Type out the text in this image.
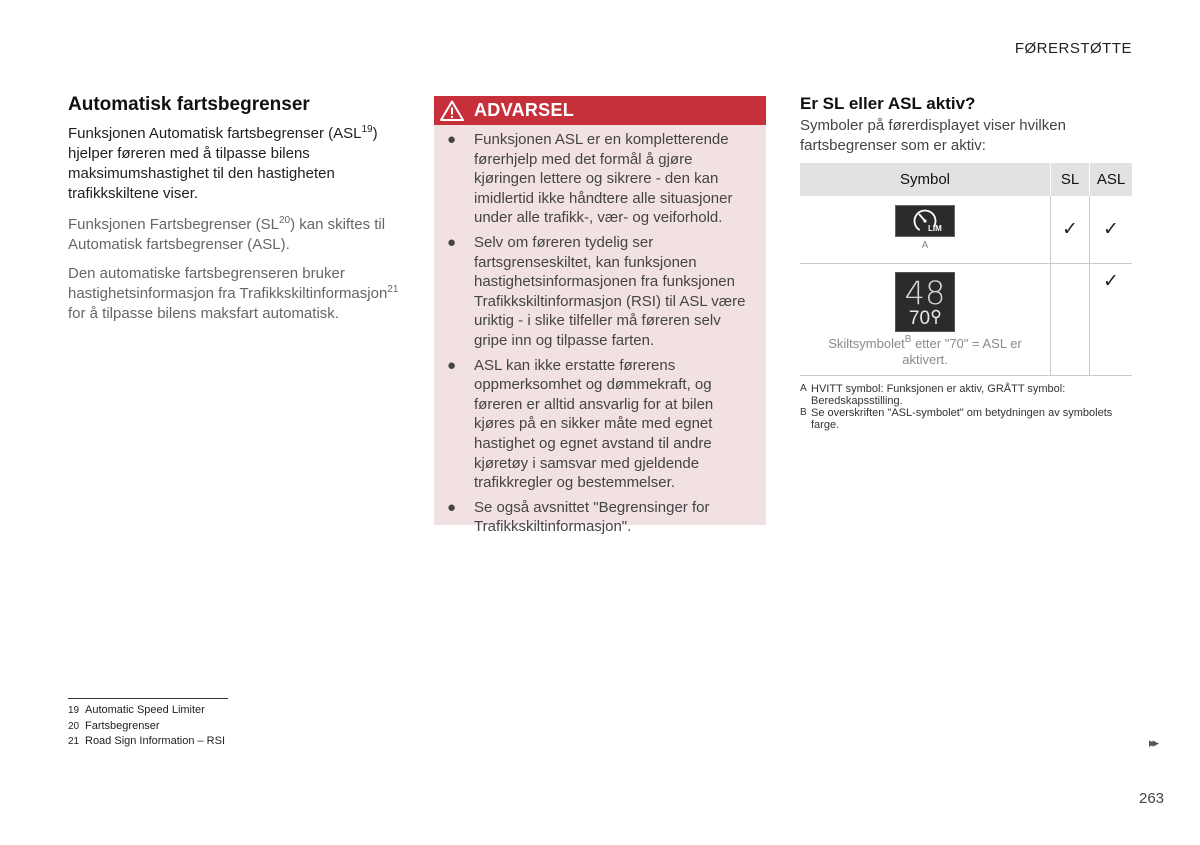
FØRERSTØTTE
Automatisk fartsbegrenser

Funksjonen Automatisk fartsbegrenser (ASL$^{19}$) hjelper føreren med å tilpasse bilens maksimumshastighet til den hastigheten trafikkskiltene viser.

Funksjonen Fartsbegrenser (SL$^{20}$) kan skiftes til Automatisk fartsbegrenser (ASL).

Den automatiske fartsbegrenseren bruker hastighetsinformasjon fra Trafikkskiltinformasjon$^{21}$ for å tilpasse bilens maksfart automatisk.

ADVARSEL
● Funksjonen ASL er en kompletterende førerhjelp med det formål å gjøre kjøringen lettere og sikrere - den kan imidlertid ikke håndtere alle situasjoner under alle trafikk-, vær- og veiforhold.
● Selv om føreren tydelig ser fartsgrenseskiltet, kan funksjonen hastighetsinformasjonen fra funksjonen Trafikkskiltinformasjon (RSI) til ASL være uriktig - i slike tilfeller må føreren selv gripe inn og tilpasse farten.
● ASL kan ikke erstatte førerens oppmerksomhet og dømmekraft, og føreren er alltid ansvarlig for at bilen kjøres på en sikker måte med egnet hastighet og egnet avstand til andre kjøretøy i samsvar med gjeldende trafikkregler og bestemmelser.
● Se også avsnittet "Begrensinger for Trafikkskiltinformasjon".
Er SL eller ASL aktiv?
Symboler på førerdisplayet viser hvilken fartsbegrenser som er aktiv:
Symbol	SL	ASL

LIM
A	✓	✓

48
70
Skiltsymbolet$^B$ etter "70" = ASL er aktivert.		✓
A HVITT symbol: Funksjonen er aktiv, GRÅTT symbol: Beredskapsstilling.
B Se overskriften "ASL-symbolet" om betydningen av symbolets farge.
19 Automatic Speed Limiter
20 Fartsbegrenser
21 Road Sign Information – RSI	▸▸
263
